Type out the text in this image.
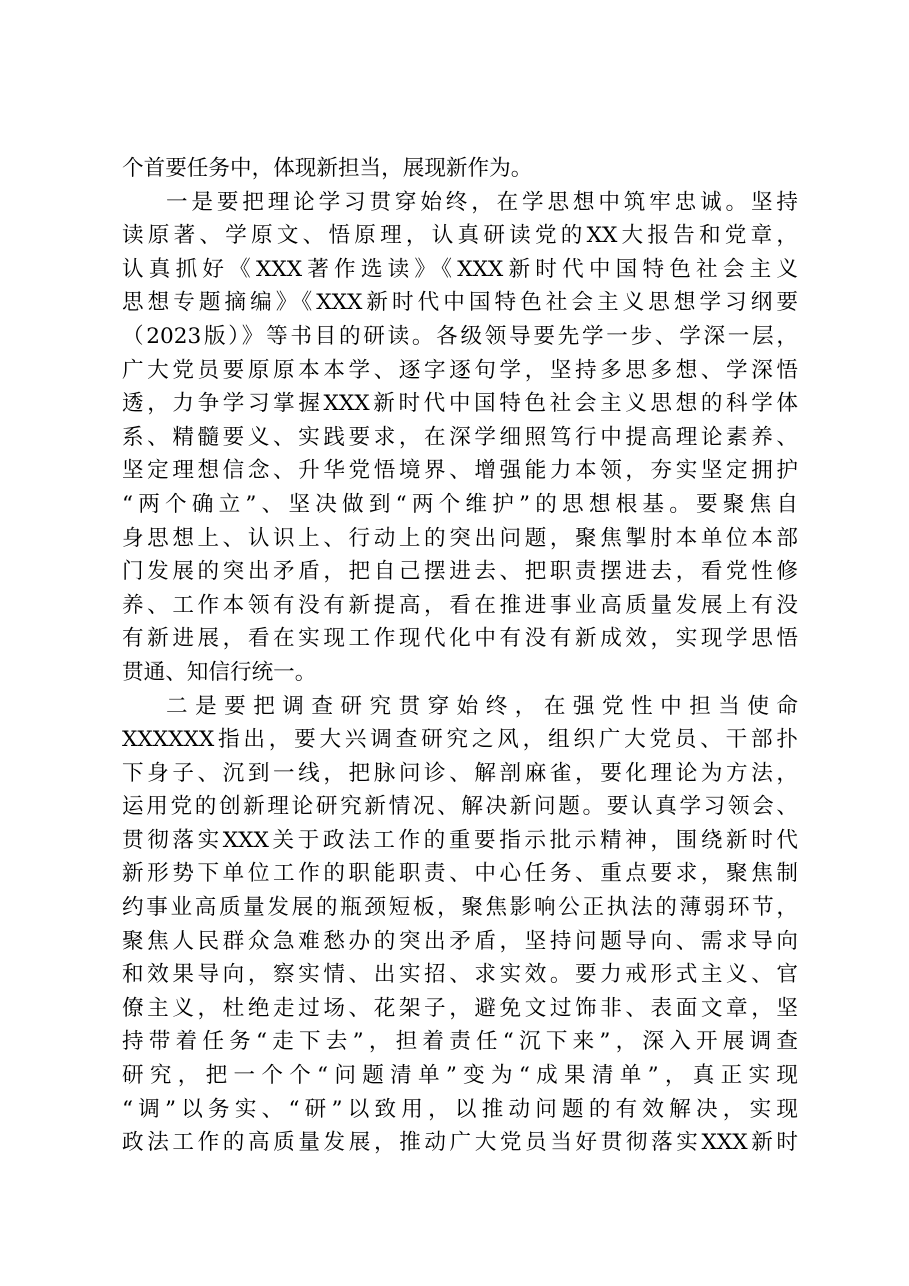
个首要任务中，体现新担当，展现新作为。
一是要把理论学习贯穿始终，在学思想中筑牢忠诚。坚持
读原著、学原文、悟原理，认真研读党的XX大报告和党章，
认真抓好《XXX著作选读》《XXX新时代中国特色社会主义
思想专题摘编》《XXX新时代中国特色社会主义思想学习纲要
（2023版）》等书目的研读。各级领导要先学一步、学深一层，
广大党员要原原本本学、逐字逐句学，坚持多思多想、学深悟
透，力争学习掌握XXX新时代中国特色社会主义思想的科学体
系、精髓要义、实践要求，在深学细照笃行中提高理论素养、
坚定理想信念、升华党悟境界、增强能力本领，夯实坚定拥护
“两个确立”、坚决做到“两个维护”的思想根基。要聚焦自
身思想上、认识上、行动上的突出问题，聚焦掣肘本单位本部
门发展的突出矛盾，把自己摆进去、把职责摆进去，看党性修
养、工作本领有没有新提高，看在推进事业高质量发展上有没
有新进展，看在实现工作现代化中有没有新成效，实现学思悟
贯通、知信行统一。
二是要把调查研究贯穿始终，在强党性中担当使命
XXXXXX指出，要大兴调查研究之风，组织广大党员、干部扑
下身子、沉到一线，把脉问诊、解剖麻雀，要化理论为方法，
运用党的创新理论研究新情况、解决新问题。要认真学习领会、
贯彻落实XXX关于政法工作的重要指示批示精神，围绕新时代
新形势下单位工作的职能职责、中心任务、重点要求，聚焦制
约事业高质量发展的瓶颈短板，聚焦影响公正执法的薄弱环节，
聚焦人民群众急难愁办的突出矛盾，坚持问题导向、需求导向
和效果导向，察实情、出实招、求实效。要力戒形式主义、官
僚主义，杜绝走过场、花架子，避免文过饰非、表面文章，坚
持带着任务“走下去”，担着责任“沉下来”，深入开展调查
研究，把一个个“问题清单”变为“成果清单”，真正实现
“调”以务实、“研”以致用，以推动问题的有效解决，实现
政法工作的高质量发展，推动广大党员当好贯彻落实XXX新时
